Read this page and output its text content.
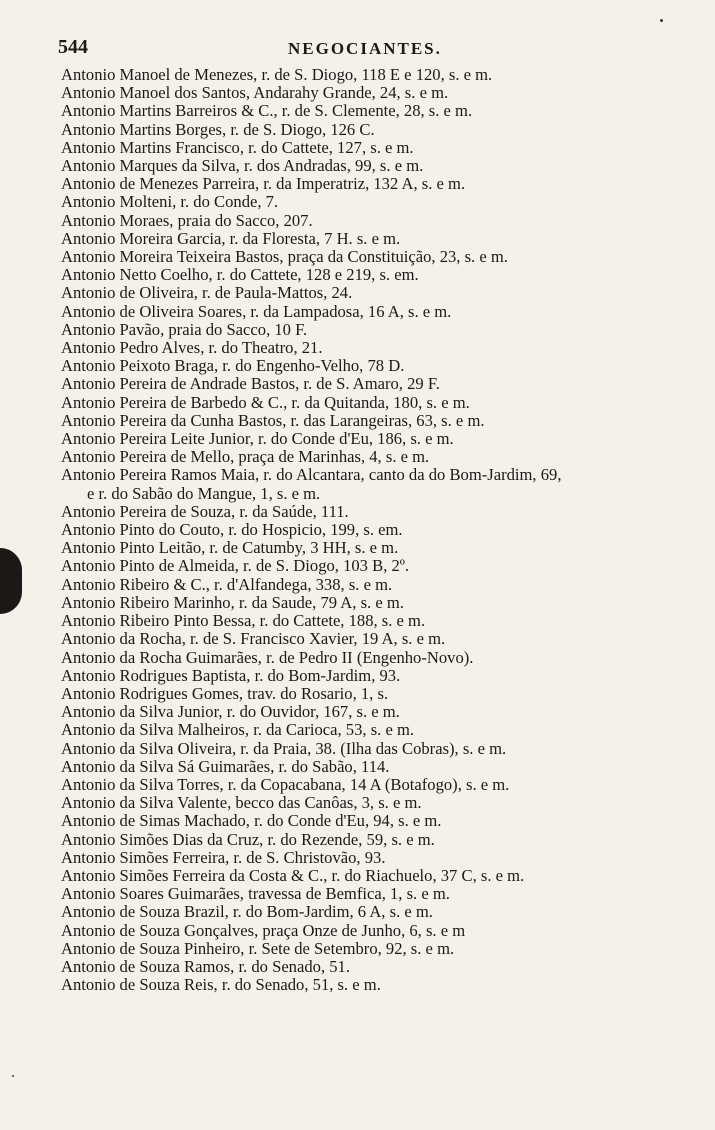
544	NEGOCIANTES.
Antonio Manoel de Menezes, r. de S. Diogo, 118 E e 120, s. e m.
Antonio Manoel dos Santos, Andarahy Grande, 24, s. e m.
Antonio Martins Barreiros & C., r. de S. Clemente, 28, s. e m.
Antonio Martins Borges, r. de S. Diogo, 126 C.
Antonio Martins Francisco, r. do Cattete, 127, s. e m.
Antonio Marques da Silva, r. dos Andradas, 99, s. e m.
Antonio de Menezes Parreira, r. da Imperatriz, 132 A, s. e m.
Antonio Molteni, r. do Conde, 7.
Antonio Moraes, praia do Sacco, 207.
Antonio Moreira Garcia, r. da Floresta, 7 H. s. e m.
Antonio Moreira Teixeira Bastos, praça da Constituição, 23, s. e m.
Antonio Netto Coelho, r. do Cattete, 128 e 219, s. em.
Antonio de Oliveira, r. de Paula-Mattos, 24.
Antonio de Oliveira Soares, r. da Lampadosa, 16 A, s. e m.
Antonio Pavão, praia do Sacco, 10 F.
Antonio Pedro Alves, r. do Theatro, 21.
Antonio Peixoto Braga, r. do Engenho-Velho, 78 D.
Antonio Pereira de Andrade Bastos, r. de S. Amaro, 29 F.
Antonio Pereira de Barbedo & C., r. da Quitanda, 180, s. e m.
Antonio Pereira da Cunha Bastos, r. das Larangeiras, 63, s. e m.
Antonio Pereira Leite Junior, r. do Conde d'Eu, 186, s. e m.
Antonio Pereira de Mello, praça de Marinhas, 4, s. e m.
Antonio Pereira Ramos Maia, r. do Alcantara, canto da do Bom-Jardim, 69,
e r. do Sabão do Mangue, 1, s. e m.
Antonio Pereira de Souza, r. da Saúde, 111.
Antonio Pinto do Couto, r. do Hospicio, 199, s. em.
Antonio Pinto Leitão, r. de Catumby, 3 HH, s. e m.
Antonio Pinto de Almeida, r. de S. Diogo, 103 B, 2º.
Antonio Ribeiro & C., r. d'Alfandega, 338, s. e m.
Antonio Ribeiro Marinho, r. da Saude, 79 A, s. e m.
Antonio Ribeiro Pinto Bessa, r. do Cattete, 188, s. e m.
Antonio da Rocha, r. de S. Francisco Xavier, 19 A, s. e m.
Antonio da Rocha Guimarães, r. de Pedro II (Engenho-Novo).
Antonio Rodrigues Baptista, r. do Bom-Jardim, 93.
Antonio Rodrigues Gomes, trav. do Rosario, 1, s.
Antonio da Silva Junior, r. do Ouvidor, 167, s. e m.
Antonio da Silva Malheiros, r. da Carioca, 53, s. e m.
Antonio da Silva Oliveira, r. da Praia, 38. (Ilha das Cobras), s. e m.
Antonio da Silva Sá Guimarães, r. do Sabão, 114.
Antonio da Silva Torres, r. da Copacabana, 14 A (Botafogo), s. e m.
Antonio da Silva Valente, becco das Canôas, 3, s. e m.
Antonio de Simas Machado, r. do Conde d'Eu, 94, s. e m.
Antonio Simões Dias da Cruz, r. do Rezende, 59, s. e m.
Antonio Simões Ferreira, r. de S. Christovão, 93.
Antonio Simões Ferreira da Costa & C., r. do Riachuelo, 37 C, s. e m.
Antonio Soares Guimarães, travessa de Bemfica, 1, s. e m.
Antonio de Souza Brazil, r. do Bom-Jardim, 6 A, s. e m.
Antonio de Souza Gonçalves, praça Onze de Junho, 6, s. e m
Antonio de Souza Pinheiro, r. Sete de Setembro, 92, s. e m.
Antonio de Souza Ramos, r. do Senado, 51.
Antonio de Souza Reis, r. do Senado, 51, s. e m.
